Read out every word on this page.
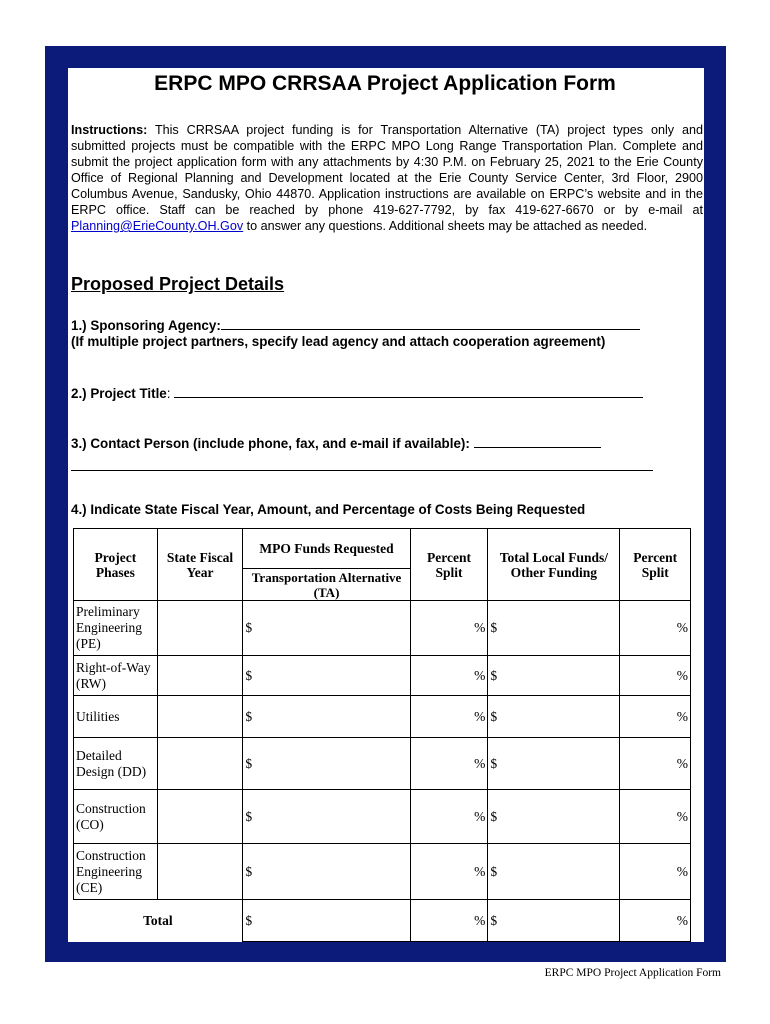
ERPC MPO CRRSAA Project Application Form
Instructions: This CRRSAA project funding is for Transportation Alternative (TA) project types only and submitted projects must be compatible with the ERPC MPO Long Range Transportation Plan. Complete and submit the project application form with any attachments by 4:30 P.M. on February 25, 2021 to the Erie County Office of Regional Planning and Development located at the Erie County Service Center, 3rd Floor, 2900 Columbus Avenue, Sandusky, Ohio 44870. Application instructions are available on ERPC’s website and in the ERPC office. Staff can be reached by phone 419-627-7792, by fax 419-627-6670 or by e-mail at Planning@ErieCounty.OH.Gov to answer any questions. Additional sheets may be attached as needed.
Proposed Project Details
1.) Sponsoring Agency:
(If multiple project partners, specify lead agency and attach cooperation agreement)
2.) Project Title:
3.) Contact Person (include phone, fax, and e-mail if available):
4.) Indicate State Fiscal Year, Amount, and Percentage of Costs Being Requested
Project Phases	State Fiscal Year	MPO Funds Requested	Percent Split	Total Local Funds/ Other Funding	Percent Split
		Transportation Alternative (TA)			
Preliminary Engineering (PE)		$	%	$	%
Right-of-Way (RW)		$	%	$	%
Utilities		$	%	$	%
Detailed Design (DD)		$	%	$	%
Construction (CO)		$	%	$	%
Construction Engineering (CE)		$	%	$	%
Total		$	%	$	%
ERPC MPO Project Application Form
